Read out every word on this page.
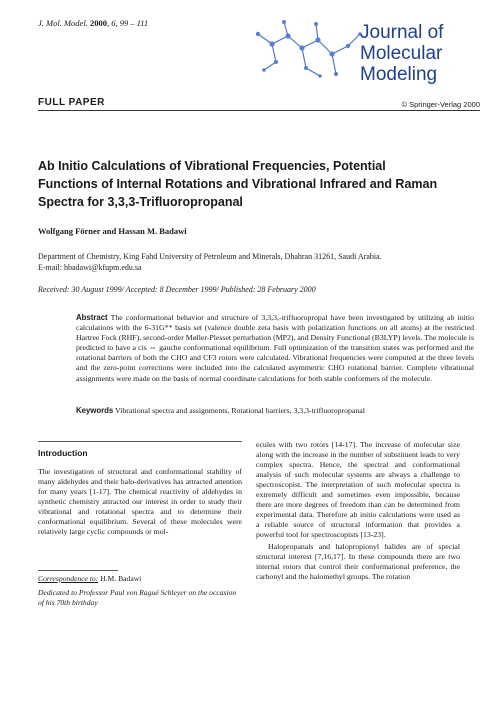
J. Mol. Model. 2000, 6, 99 – 111	Journal of
Molecular
Modeling
FULL PAPER	© Springer-Verlag 2000
Ab Initio Calculations of Vibrational Frequencies, Potential Functions of Internal Rotations and Vibrational Infrared and Raman Spectra for 3,3,3-Trifluoropropanal
Wolfgang Förner and Hassan M. Badawi
Department of Chemistry, King Fahd University of Petroleum and Minerals, Dhahran 31261, Saudi Arabia.
E-mail: hbadawi@kfupm.edu.sa
Received: 30 August 1999/ Accepted: 8 December 1999/ Published: 28 February 2000
Abstract The conformational behavior and structure of 3,3,3,-trifluoropropal have been investigated by utilizing ab initio calculations with the 6-31G** basis set (valence double zeta basis with polarization functions on all atoms) at the restricted Hartree Fock (RHF), second-order Møller-Plesset perturbation (MP2), and Density Functional (B3LYP) levels. The molecule is predicted to have a cis ⇔ gauche conformational equilibrium. Full optimization of the transition states was performed and the rotational barriers of both the CHO and CF3 rotors were calculated. Vibrational frequencies were computed at the three levels and the zero-point corrections were included into the calculated asymmetric CHO rotational barrier. Complete vibrational assignments were made on the basis of normal coordinate calculations for both stable conformers of the molecule.
Keywords Vibrational spectra and assignments, Rotational barriers, 3,3,3-trifluoropropanal
Introduction

The investigation of structural and conformational stability of many aldehydes and their halo-derivatives has attracted attention for many years [1-17]. The chemical reactivity of aldehydes in synthetic chemistry attracted our interest in order to study their vibrational and rotational spectra and to determine their conformational equilibrium. Several of these molecules were relatively large cyclic compounds or mol-

ecules with two rotors [14-17]. The increase of molecular size along with the increase in the number of substituent leads to very complex spectra. Hence, the spectral and conformational analysis of such molecular systems are always a challenge to spectroscopist. The interpretation of such molecular spectra is extremely difficult and sometimes even impossible, because there are more degrees of freedom than can be determined from experimental data. Therefore ab initio calculations were used as a reliable source of structural information that provides a powerful tool for spectroscopists [13-23].

Halopropanals and halopropionyl halides are of special structural interest [7,16,17]. In these compounds there are two internal rotors that control their conformational preference, the carbonyl and the halomethyl groups. The rotation

Correspondence to: H.M. Badawi
Dedicated to Professor Paul von Ragué Schleyer on the occasion of his 70th birthday
